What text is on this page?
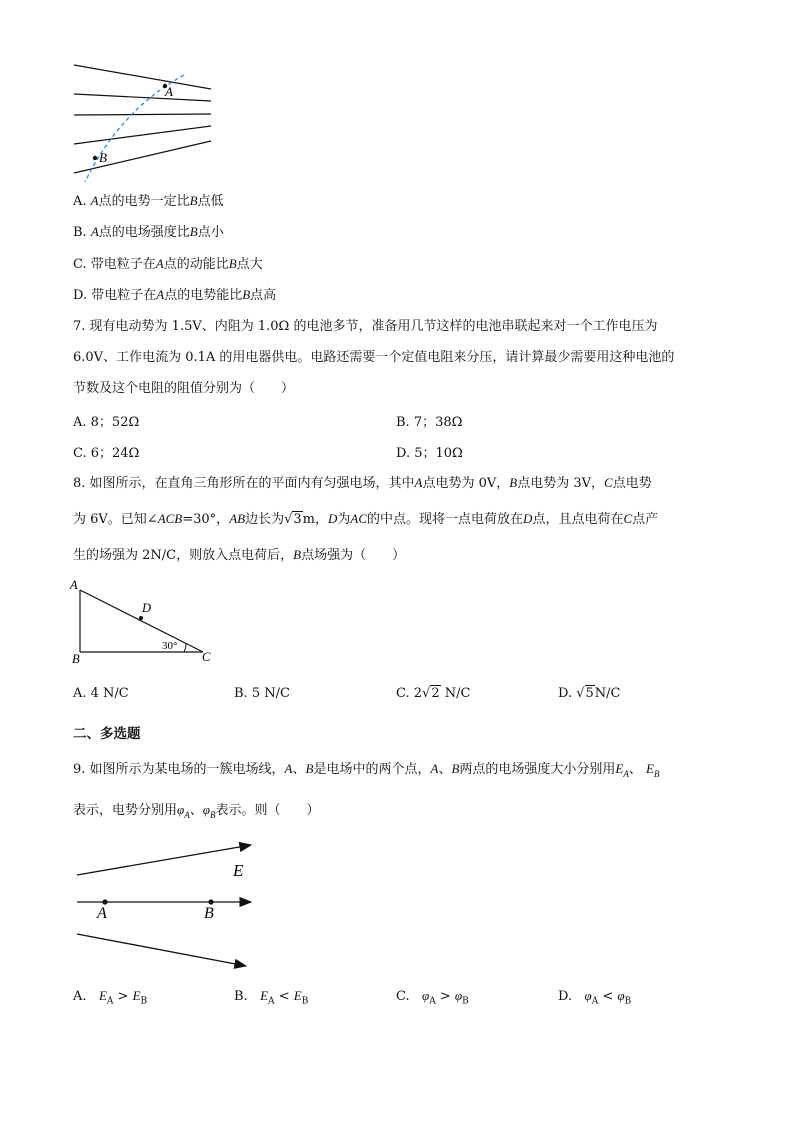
A
B
A. A点的电势一定比B点低
B. A点的电场强度比B点小
C. 带电粒子在A点的动能比B点大
D. 带电粒子在A点的电势能比B点高
7. 现有电动势为 1.5V、内阻为 1.0Ω 的电池多节，准备用几节这样的电池串联起来对一个工作电压为
6.0V、工作电流为 0.1A 的用电器供电。电路还需要一个定值电阻来分压，请计算最少需要用这种电池的
节数及这个电阻的阻值分别为（　　）
A. 8；52Ω	B. 7；38Ω
C. 6；24Ω	D. 5；10Ω
8. 如图所示，在直角三角形所在的平面内有匀强电场，其中A点电势为 0V，B点电势为 3V，C点电势
为 6V。已知∠ACB=30°，AB边长为√3m，D为AC的中点。现将一点电荷放在D点，且点电荷在C点产
生的场强为 2N/C，则放入点电荷后，B点场强为（　　）
A
B	C
D
30°
A. 4 N/C	B. 5 N/C	C. 2√2 N/C	D. √5N/C
二、多选题
9. 如图所示为某电场的一簇电场线，A、B是电场中的两个点，A、B两点的电场强度大小分别用$E_A$、 $E_B$
表示，电势分别用$\varphi_A$、$\varphi_B$表示。则（　　）
E
A	B
A. $E_A > E_B$	B. $E_A < E_B$	C. $\varphi_A > \varphi_B$	D. $\varphi_A < \varphi_B$
